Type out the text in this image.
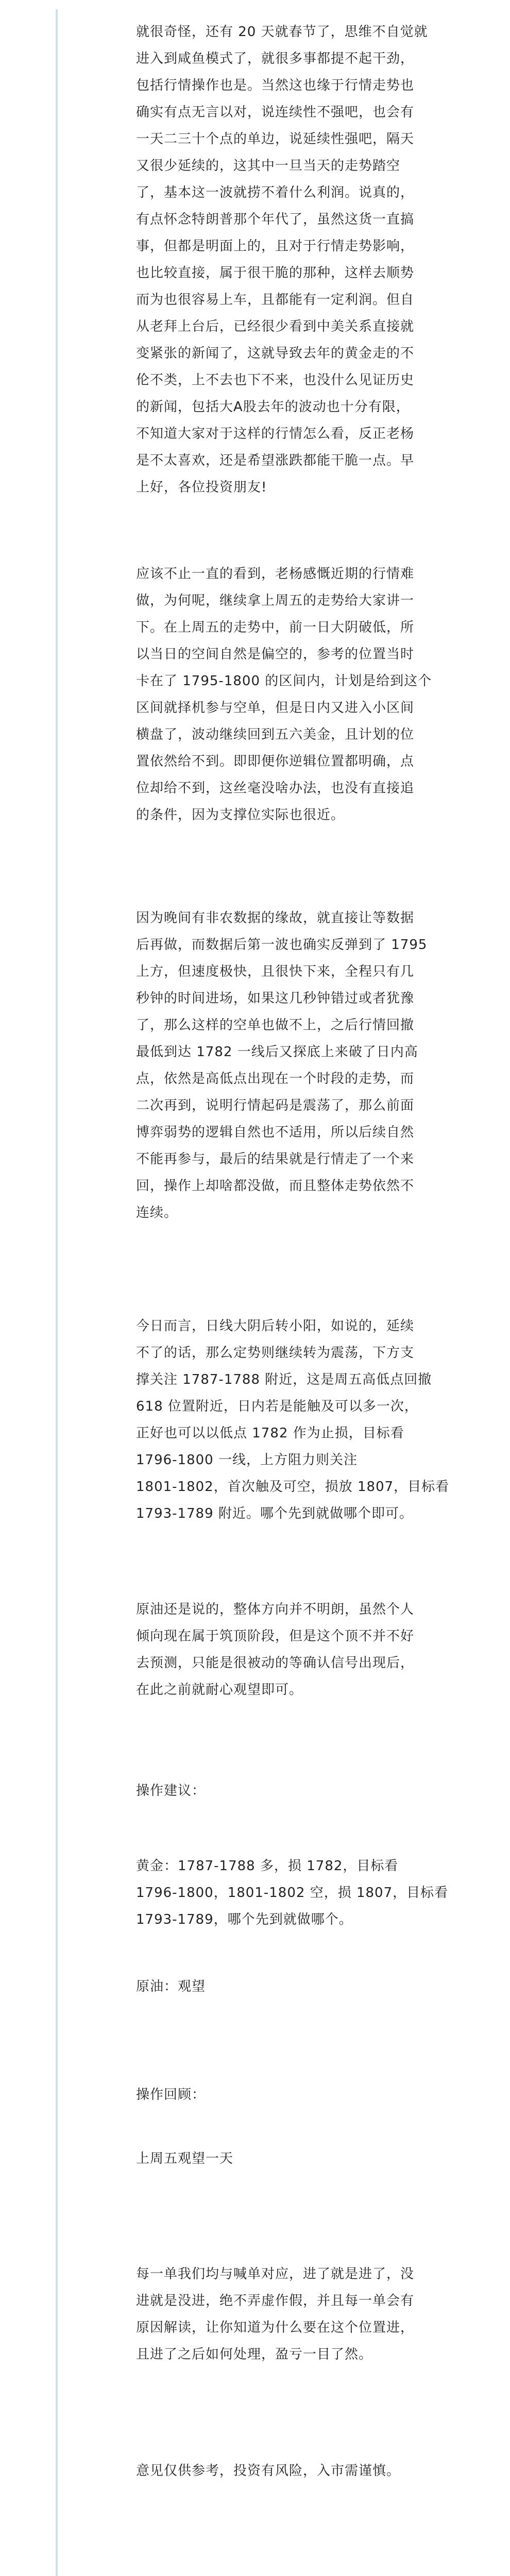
就很奇怪，还有 20 天就春节了，思维不自觉就
进入到咸鱼模式了，就很多事都提不起干劲，
包括行情操作也是。当然这也缘于行情走势也
确实有点无言以对，说连续性不强吧，也会有
一天二三十个点的单边，说延续性强吧，隔天
又很少延续的，这其中一旦当天的走势踏空
了，基本这一波就捞不着什么利润。说真的，
有点怀念特朗普那个年代了，虽然这货一直搞
事，但都是明面上的，且对于行情走势影响，
也比较直接，属于很干脆的那种，这样去顺势
而为也很容易上车，且都能有一定利润。但自
从老拜上台后，已经很少看到中美关系直接就
变紧张的新闻了，这就导致去年的黄金走的不
伦不类，上不去也下不来，也没什么见证历史
的新闻，包括大A股去年的波动也十分有限，
不知道大家对于这样的行情怎么看，反正老杨
是不太喜欢，还是希望涨跌都能干脆一点。早
上好，各位投资朋友!

应该不止一直的看到，老杨感慨近期的行情难
做，为何呢，继续拿上周五的走势给大家讲一
下。在上周五的走势中，前一日大阴破低，所
以当日的空间自然是偏空的，参考的位置当时
卡在了 1795-1800 的区间内，计划是给到这个
区间就择机参与空单，但是日内又进入小区间
横盘了，波动继续回到五六美金，且计划的位
置依然给不到。即即便你逆辑位置都明确，点
位却给不到，这丝毫没啥办法，也没有直接追
的条件，因为支撑位实际也很近。

因为晚间有非农数据的缘故，就直接让等数据
后再做，而数据后第一波也确实反弹到了 1795
上方，但速度极快，且很快下来，全程只有几
秒钟的时间进场，如果这几秒钟错过或者犹豫
了，那么这样的空单也做不上，之后行情回撤
最低到达 1782 一线后又探底上来破了日内高
点，依然是高低点出现在一个时段的走势，而
二次再到，说明行情起码是震荡了，那么前面
博弈弱势的逻辑自然也不适用，所以后续自然
不能再参与，最后的结果就是行情走了一个来
回，操作上却啥都没做，而且整体走势依然不
连续。

今日而言，日线大阴后转小阳，如说的，延续
不了的话，那么定势则继续转为震荡，下方支
撑关注 1787-1788 附近，这是周五高低点回撤
618 位置附近，日内若是能触及可以多一次，
正好也可以以低点 1782 作为止损，目标看
1796-1800 一线，上方阻力则关注
1801-1802，首次触及可空，损放 1807，目标看
1793-1789 附近。哪个先到就做哪个即可。

原油还是说的，整体方向并不明朗，虽然个人
倾向现在属于筑顶阶段，但是这个顶不并不好
去预测，只能是很被动的等确认信号出现后，
在此之前就耐心观望即可。

操作建议：

黄金：1787-1788 多，损 1782，目标看
1796-1800，1801-1802 空，损 1807，目标看
1793-1789，哪个先到就做哪个。

原油：观望

操作回顾：

上周五观望一天

每一单我们均与喊单对应，进了就是进了，没
进就是没进，绝不弄虚作假，并且每一单会有
原因解读，让你知道为什么要在这个位置进，
且进了之后如何处理，盈亏一目了然。

意见仅供参考，投资有风险，入市需谨慎。
